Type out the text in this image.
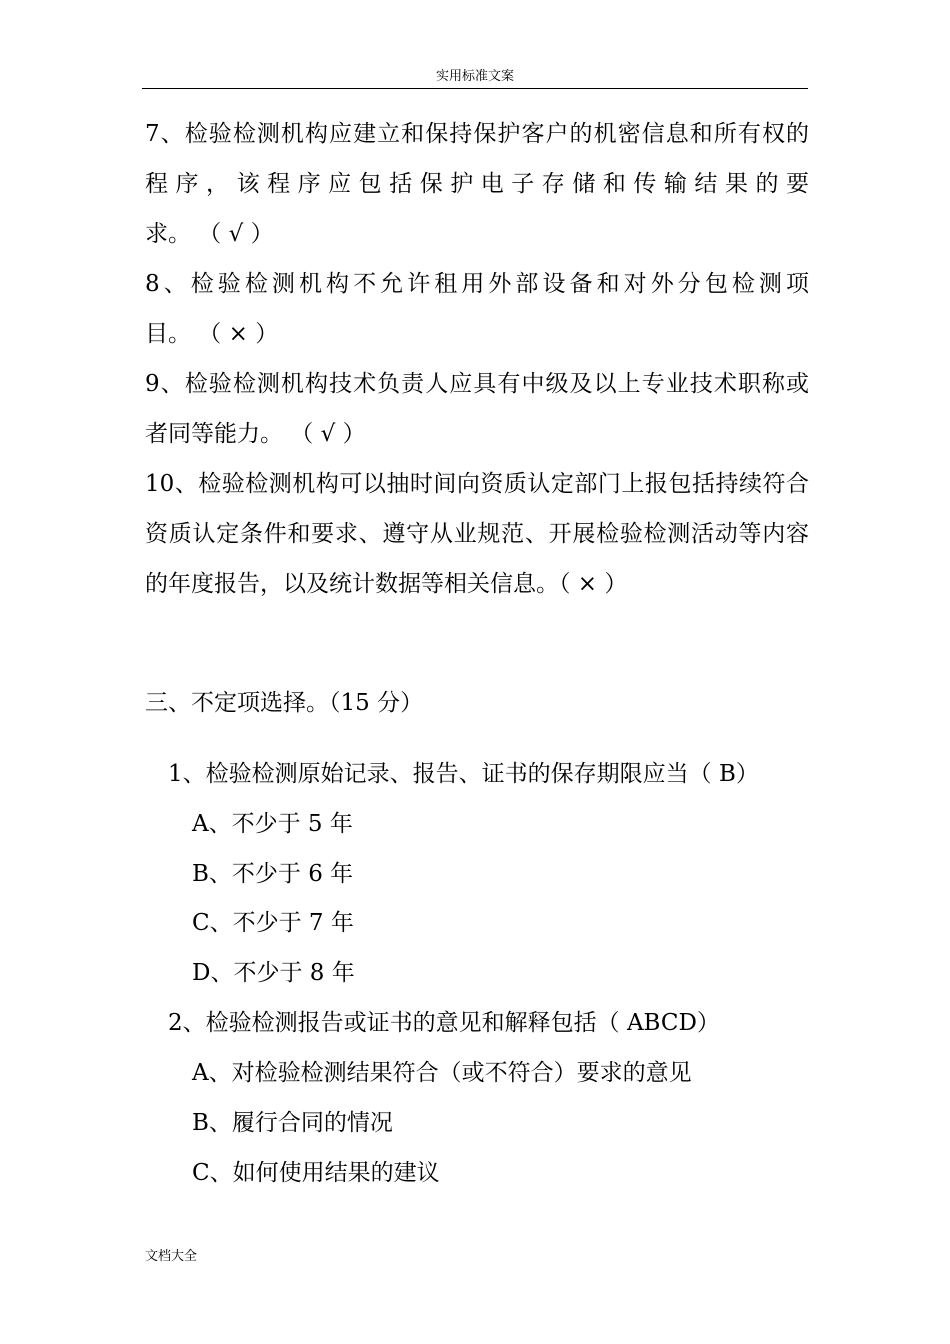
实用标准文案
7、检验检测机构应建立和保持保护客户的机密信息和所有权的
程序，该程序应包括保护电子存储和传输结果的要
求。 （ √ ）
8、检验检测机构不允许租用外部设备和对外分包检测项
目。 （ × ）
9、检验检测机构技术负责人应具有中级及以上专业技术职称或
者同等能力。 （ √ ）
10、检验检测机构可以抽时间向资质认定部门上报包括持续符合
资质认定条件和要求、遵守从业规范、开展检验检测活动等内容
的年度报告，以及统计数据等相关信息。（ × ）
三、不定项选择。（15 分）
1、检验检测原始记录、报告、证书的保存期限应当（ B）
A、不少于 5 年
B、不少于 6 年
C、不少于 7 年
D、不少于 8 年
2、检验检测报告或证书的意见和解释包括（ ABCD）
A、对检验检测结果符合（或不符合）要求的意见
B、履行合同的情况
C、如何使用结果的建议
文档大全
